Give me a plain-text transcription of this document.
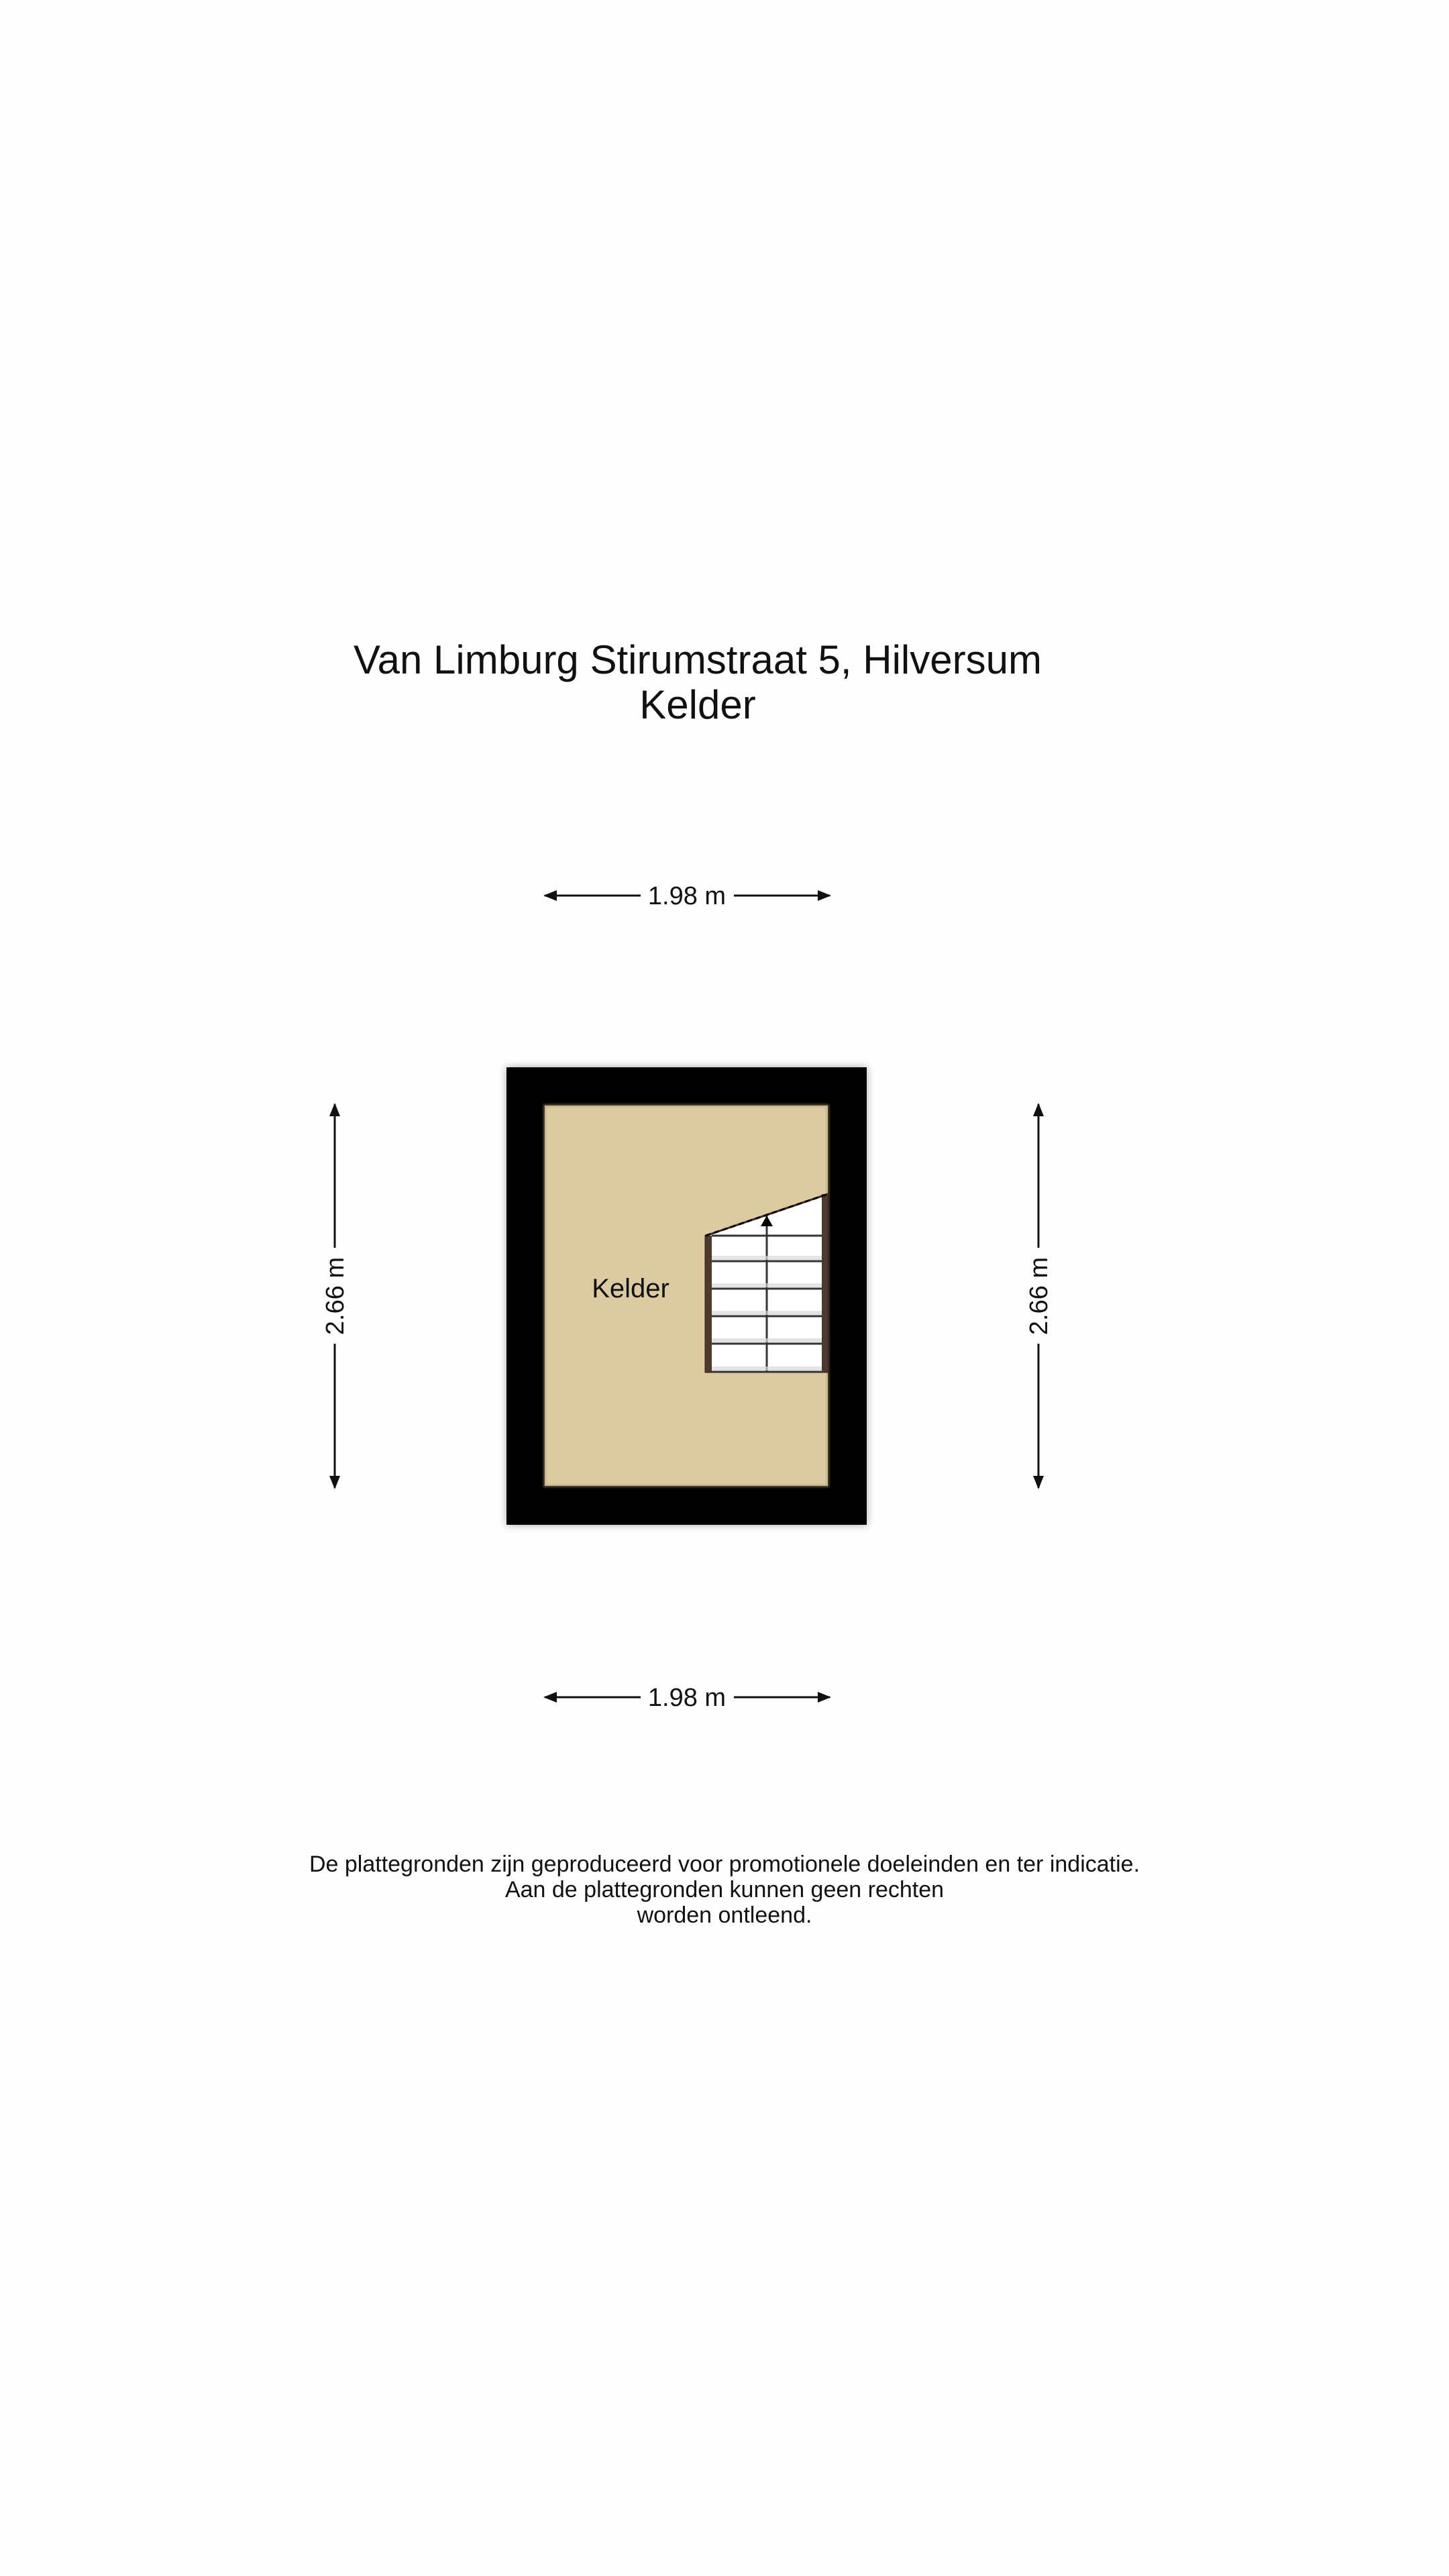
Van Limburg Stirumstraat 5, Hilversum
Kelder
1.98 m
1.98 m
2.66 m	2.66 m
Kelder
De plattegronden zijn geproduceerd voor promotionele doeleinden en ter indicatie.
Aan de plattegronden kunnen geen rechten
worden ontleend.
